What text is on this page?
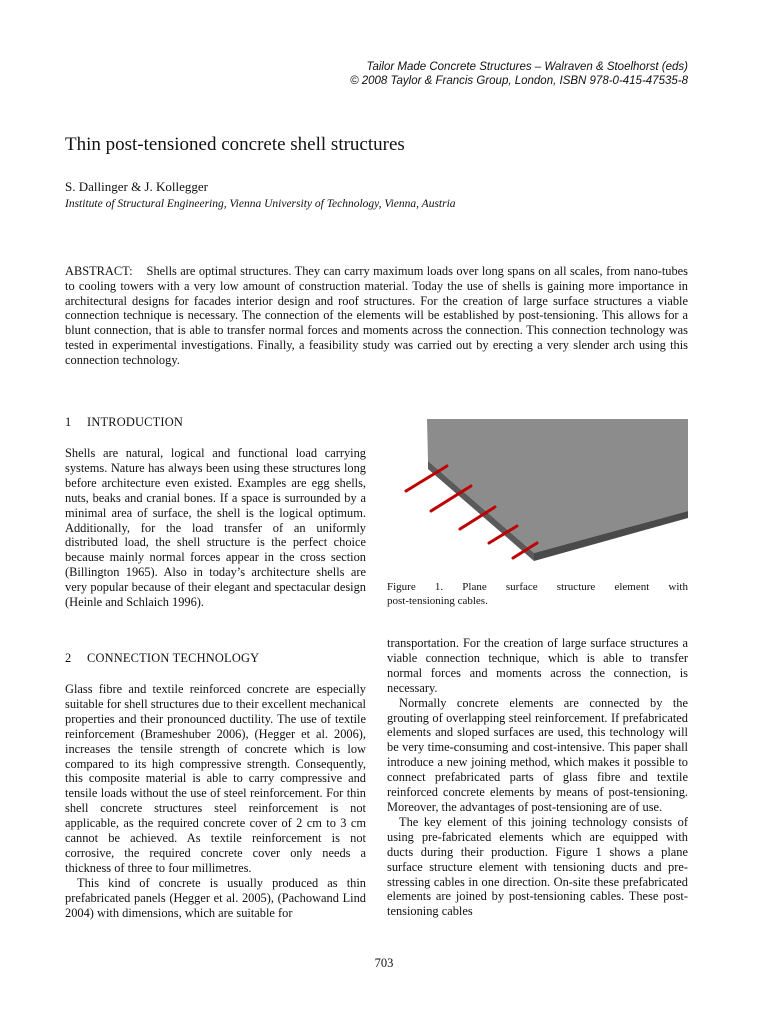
Tailor Made Concrete Structures – Walraven & Stoelhorst (eds)
© 2008 Taylor & Francis Group, London, ISBN 978-0-415-47535-8
Thin post-tensioned concrete shell structures
S. Dallinger & J. Kollegger
Institute of Structural Engineering, Vienna University of Technology, Vienna, Austria
ABSTRACT: Shells are optimal structures. They can carry maximum loads over long spans on all scales, from nano-tubes to cooling towers with a very low amount of construction material. Today the use of shells is gaining more importance in architectural designs for facades interior design and roof structures. For the creation of large surface structures a viable connection technique is necessary. The connection of the elements will be established by post-tensioning. This allows for a blunt connection, that is able to transfer normal forces and moments across the connection. This connection technology was tested in experimental investigations. Finally, a feasibility study was carried out by erecting a very slender arch using this connection technology.
1 INTRODUCTION

Shells are natural, logical and functional load carrying systems. Nature has always been using these structures long before architecture even existed. Examples are egg shells, nuts, beaks and cranial bones. If a space is surrounded by a minimal area of surface, the shell is the logical optimum. Additionally, for the load transfer of an uniformly distributed load, the shell structure is the perfect choice because mainly normal forces appear in the cross section (Billington 1965). Also in today’s architecture shells are very popular because of their elegant and spectacular design (Heinle and Schlaich 1996).

2 CONNECTION TECHNOLOGY

Glass fibre and textile reinforced concrete are especially suitable for shell structures due to their excellent mechanical properties and their pronounced ductility. The use of textile reinforcement (Brameshuber 2006), (Hegger et al. 2006), increases the tensile strength of concrete which is low compared to its high compressive strength. Consequently, this composite material is able to carry compressive and tensile loads without the use of steel reinforcement. For thin shell concrete structures steel reinforcement is not applicable, as the required concrete cover of 2 cm to 3 cm cannot be achieved. As textile reinforcement is not corrosive, the required concrete cover only needs a thickness of three to four millimetres.

This kind of concrete is usually produced as thin prefabricated panels (Hegger et al. 2005), (Pachowand Lind 2004) with dimensions, which are suitable for

Figure 1. Plane surface structure element with
post-tensioning cables.

transportation. For the creation of large surface structures a viable connection technique, which is able to transfer normal forces and moments across the connection, is necessary.

Normally concrete elements are connected by the grouting of overlapping steel reinforcement. If prefabricated elements and sloped surfaces are used, this technology will be very time-consuming and cost-intensive. This paper shall introduce a new joining method, which makes it possible to connect prefabricated parts of glass fibre and textile reinforced concrete elements by means of post-tensioning. Moreover, the advantages of post-tensioning are of use.

The key element of this joining technology consists of using pre-fabricated elements which are equipped with ducts during their production. Figure 1 shows a plane surface structure element with tensioning ducts and pre-stressing cables in one direction. On-site these prefabricated elements are joined by post-tensioning cables. These post-tensioning cables

703
